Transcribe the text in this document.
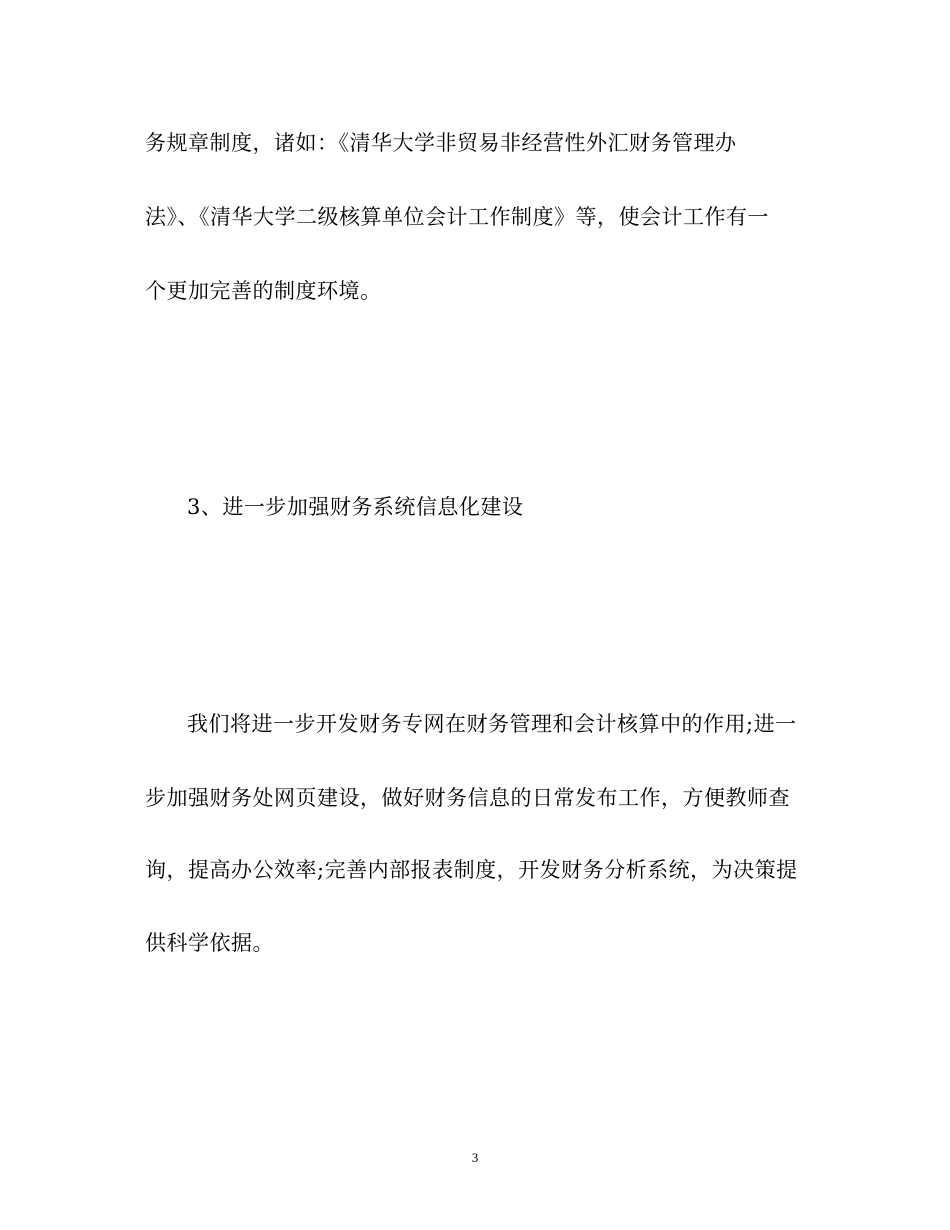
务规章制度，诸如：《清华大学非贸易非经营性外汇财务管理办
法》、《清华大学二级核算单位会计工作制度》等，使会计工作有一
个更加完善的制度环境。
3、进一步加强财务系统信息化建设
我们将进一步开发财务专网在财务管理和会计核算中的作用;进一
步加强财务处网页建设，做好财务信息的日常发布工作，方便教师查
询，提高办公效率;完善内部报表制度，开发财务分析系统，为决策提
供科学依据。
3
